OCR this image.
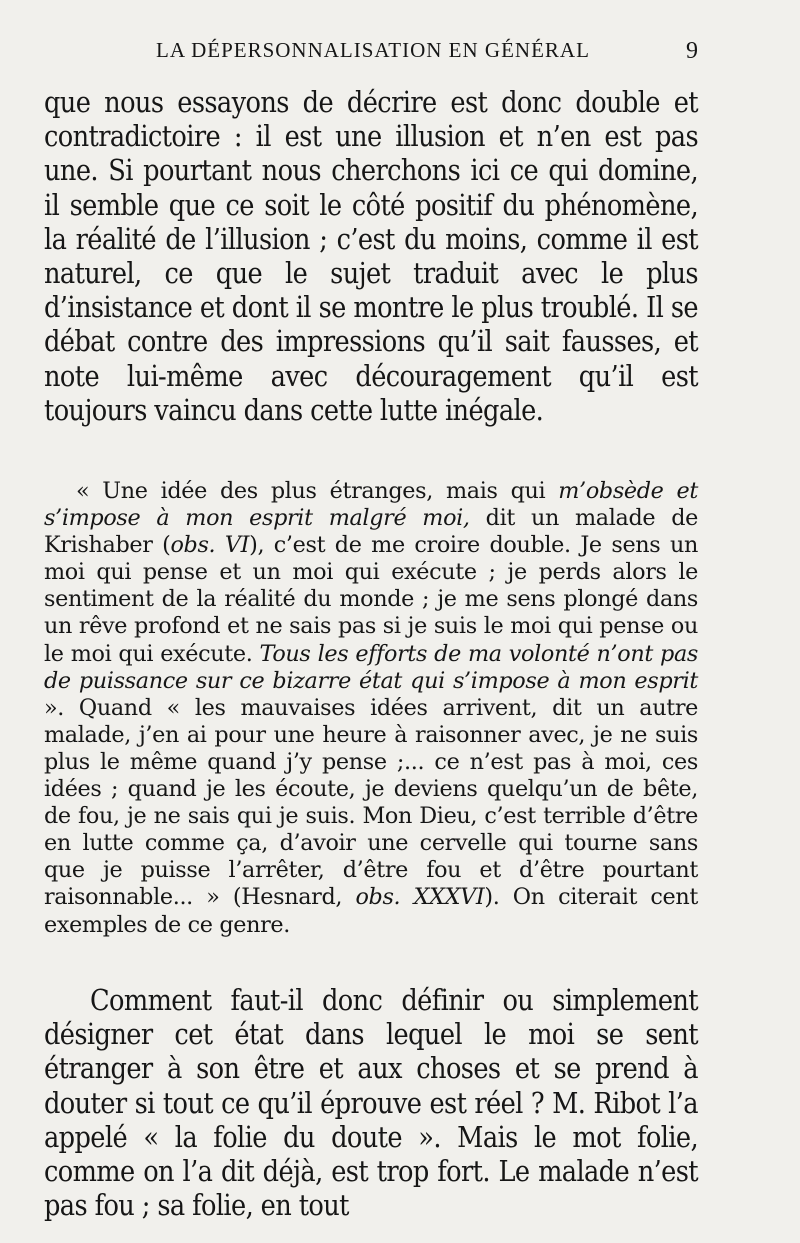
LA DÉPERSONNALISATION EN GÉNÉRAL	9

que nous essayons de décrire est donc double et contradictoire : il est une illusion et n’en est pas une. Si pourtant nous cherchons ici ce qui domine, il semble que ce soit le côté positif du phénomène, la réalité de l’illusion ; c’est du moins, comme il est naturel, ce que le sujet traduit avec le plus d’insistance et dont il se montre le plus troublé. Il se débat contre des impressions qu’il sait fausses, et note lui-même avec découragement qu’il est toujours vaincu dans cette lutte inégale.

« Une idée des plus étranges, mais qui m’obsède et s’impose à mon esprit malgré moi, dit un malade de Krishaber (obs. VI), c’est de me croire double. Je sens un moi qui pense et un moi qui exécute ; je perds alors le sentiment de la réalité du monde ; je me sens plongé dans un rêve profond et ne sais pas si je suis le moi qui pense ou le moi qui exécute. Tous les efforts de ma volonté n’ont pas de puissance sur ce bizarre état qui s’impose à mon esprit ». Quand « les mauvaises idées arrivent, dit un autre malade, j’en ai pour une heure à raisonner avec, je ne suis plus le même quand j’y pense ;... ce n’est pas à moi, ces idées ; quand je les écoute, je deviens quelqu’un de bête, de fou, je ne sais qui je suis. Mon Dieu, c’est terrible d’être en lutte comme ça, d’avoir une cervelle qui tourne sans que je puisse l’arrêter, d’être fou et d’être pourtant raisonnable... » (Hesnard, obs. XXXVI). On citerait cent exemples de ce genre.

Comment faut-il donc définir ou simplement désigner cet état dans lequel le moi se sent étranger à son être et aux choses et se prend à douter si tout ce qu’il éprouve est réel ? M. Ribot l’a appelé « la folie du doute ». Mais le mot folie, comme on l’a dit déjà, est trop fort. Le malade n’est pas fou ; sa folie, en tout
